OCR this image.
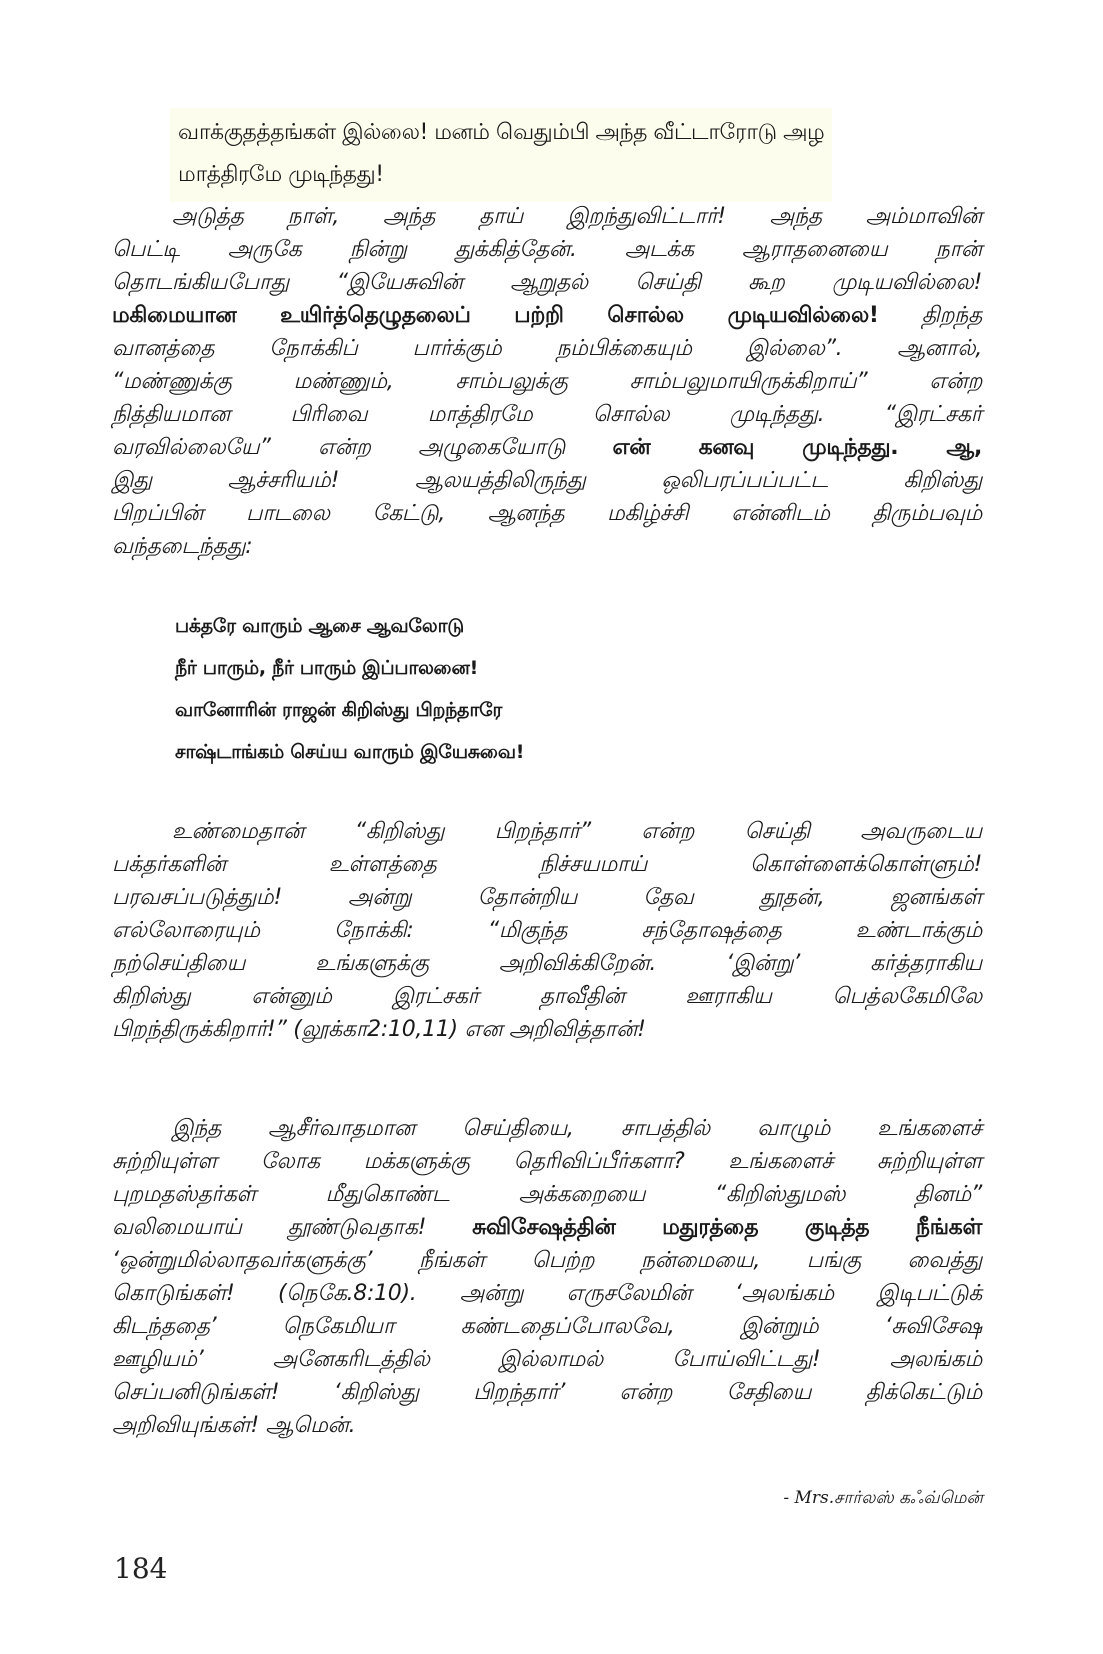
வாக்குதத்தங்கள் இல்லை! மனம் வெதும்பி அந்த வீட்டாரோடு அழ
மாத்திரமே முடிந்தது!
அடுத்த நாள், அந்த தாய் இறந்துவிட்டார்! அந்த அம்மாவின்
பெட்டி அருகே நின்று துக்கித்தேன். அடக்க ஆராதனையை நான்
தொடங்கியபோது “இயேசுவின் ஆறுதல் செய்தி கூற முடியவில்லை!
மகிமையான உயிர்த்தெழுதலைப் பற்றி சொல்ல முடியவில்லை! திறந்த
வானத்தை நோக்கிப் பார்க்கும் நம்பிக்கையும் இல்லை”. ஆனால்,
“மண்ணுக்கு மண்ணும், சாம்பலுக்கு சாம்பலுமாயிருக்கிறாய்” என்ற
நித்தியமான பிரிவை மாத்திரமே சொல்ல முடிந்தது. “இரட்சகர்
வரவில்லையே” என்ற அழுகையோடு என் கனவு முடிந்தது. ஆ,
இது ஆச்சரியம்! ஆலயத்திலிருந்து ஒலிபரப்பப்பட்ட கிறிஸ்து
பிறப்பின் பாடலை கேட்டு, ஆனந்த மகிழ்ச்சி என்னிடம் திரும்பவும்
வந்தடைந்தது:
பக்தரே வாரும் ஆசை ஆவலோடு
நீர் பாரும், நீர் பாரும் இப்பாலனை!
வானோரின் ராஜன் கிறிஸ்து பிறந்தாரே
சாஷ்டாங்கம் செய்ய வாரும் இயேசுவை!
உண்மைதான் “கிறிஸ்து பிறந்தார்” என்ற செய்தி அவருடைய
பக்தர்களின் உள்ளத்தை நிச்சயமாய் கொள்ளைக்கொள்ளும்!
பரவசப்படுத்தும்! அன்று தோன்றிய தேவ தூதன், ஜனங்கள்
எல்லோரையும் நோக்கி: “மிகுந்த சந்தோஷத்தை உண்டாக்கும்
நற்செய்தியை உங்களுக்கு அறிவிக்கிறேன். ‘இன்று’ கர்த்தராகிய
கிறிஸ்து என்னும் இரட்சகர் தாவீதின் ஊராகிய பெத்லகேமிலே
பிறந்திருக்கிறார்!” (லூக்கா2:10,11) என அறிவித்தான்!
இந்த ஆசீர்வாதமான செய்தியை, சாபத்தில் வாழும் உங்களைச்
சுற்றியுள்ள லோக மக்களுக்கு தெரிவிப்பீர்களா? உங்களைச் சுற்றியுள்ள
புறமதஸ்தர்கள் மீதுகொண்ட அக்கறையை “கிறிஸ்துமஸ் தினம்”
வலிமையாய் தூண்டுவதாக! சுவிசேஷத்தின் மதுரத்தை குடித்த நீங்கள்
‘ஒன்றுமில்லாதவர்களுக்கு’ நீங்கள் பெற்ற நன்மையை, பங்கு வைத்து
கொடுங்கள்! (நெகே.8:10). அன்று எருசலேமின் ‘அலங்கம் இடிபட்டுக்
கிடந்ததை’ நெகேமியா கண்டதைப்போலவே, இன்றும் ‘சுவிசேஷ
ஊழியம்’ அனேகரிடத்தில் இல்லாமல் போய்விட்டது! அலங்கம்
செப்பனிடுங்கள்! ‘கிறிஸ்து பிறந்தார்’ என்ற சேதியை திக்கெட்டும்
அறிவியுங்கள்! ஆமென்.
- Mrs.சார்லஸ் கஃவ்மென்
184
